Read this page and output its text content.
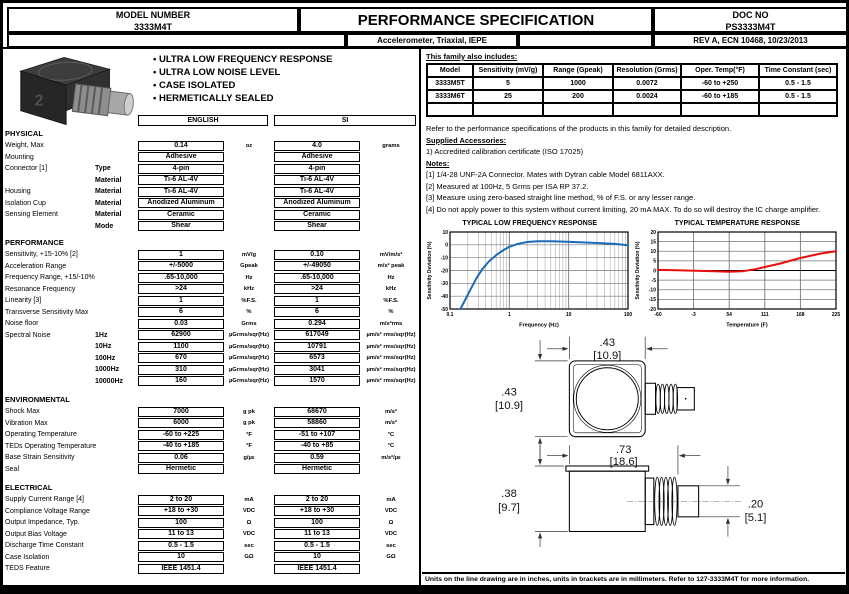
MODEL NUMBER
3333M4T	PERFORMANCE SPECIFICATION	DOC NO
PS3333M4T
Accelerometer, Triaxial, IEPE	REV A, ECN 10468, 10/23/2013
2
• ULTRA LOW FREQUENCY RESPONSE
• ULTRA LOW NOISE LEVEL
• CASE ISOLATED
• HERMETICALLY SEALED
ENGLISH	SI
PHYSICAL
Weight, Max	0.14	oz	4.0	grams
Mounting	Adhesive	Adhesive
Connector [1]	Type	4-pin	4-pin
Material	Ti-6 AL-4V	Ti-6 AL-4V
Housing	Material	Ti-6 AL-4V	Ti-6 AL-4V
Isolation Cup	Material	Anodized Aluminum	Anodized Aluminum
Sensing Element	Material	Ceramic	Ceramic
Mode	Shear	Shear
PERFORMANCE
Sensitivity, +15-10% [2]	1	mV/g	0.10	mV/m/s²
Acceleration Range	+/-5000	Gpeak	+/-49050	m/s² peak
Frequency Range, +15/-10%	.65-10,000	Hz	.65-10,000	Hz
Resonance Frequency	>24	kHz	>24	kHz
Linearity [3]	1	%F.S.	1	%F.S.
Transverse Sensitivity Max	6	%	6	%
Noise floor	0.03	Grms	0.294	m/s²rms
Spectral Noise	1Hz	62900	µGrms/sqr(Hz)	617049	µm/s² rms/sqr(Hz)
10Hz	1100	µGrms/sqr(Hz)	10791	µm/s² rms/sqr(Hz)
100Hz	670	µGrms/sqr(Hz)	6573	µm/s² rms/sqr(Hz)
1000Hz	310	µGrms/sqr(Hz)	3041	µm/s² rms/sqr(Hz)
10000Hz	160	µGrms/sqr(Hz)	1570	µm/s² rms/sqr(Hz)
ENVIRONMENTAL
Shock Max	7000	g pk	68670	m/s²
Vibration Max	6000	g pk	58860	m/s²
Operating Temperature	-60 to +225	°F	-51 to +107	°C
TEDs Operating Temperature	-40 to +185	°F	-40 to +85	°C
Base Strain Sensitivity	0.06	g/µε	0.59	m/s²/µε
Seal	Hermetic	Hermetic
ELECTRICAL
Supply Current Range [4]	2 to 20	mA	2 to 20	mA
Compliance Voltage Range	+18 to +30	VDC	+18 to +30	VDC
Output Impedance, Typ.	100	Ω	100	Ω
Output Bias Voltage	11 to 13	VDC	11 to 13	VDC
Discharge Time Constant	0.5 - 1.5	sec	0.5 - 1.5	sec
Case Isolation	10	GΩ	10	GΩ
TEDS Feature	IEEE 1451.4	IEEE 1451.4
This family also includes:
Model	Sensitivity (mV/g)	Range (Gpeak)	Resolution (Grms)	Oper. Temp(°F)	Time Constant (sec)
3333M5T	5	1000	0.0072	-60 to +250	0.5 - 1.5
3333M6T	25	200	0.0024	-60 to +185	0.5 - 1.5

Refer to the performance specifications of the products in this family for detailed description.
Supplied Accessories:
1) Accredited calibration certificate (ISO 17025)
Notes:
[1] 1/4-28 UNF-2A Connector. Mates with Dytran cable Model 6811AXX.
[2] Measured at 100Hz, 5 Grms per ISA RP 37.2.
[3] Measure using zero-based straight line method, % of F.S. or any lesser range.
[4] Do not apply power to this system without current limiting, 20 mA MAX. To do so will destroy the IC charge amplifier.
TYPICAL LOW FREQUENCY RESPONSE
10
0
-10
-20
-30
-40
-50
0.1	1	10	100
Frequency (Hz)
Sensitivity Deviation (%)
TYPICAL TEMPERATURE RESPONSE
20
15
10
5
0
-5
-10
-15
-20
-60	-3	54	111	168	225
Temperature (F)
Sensitivity Deviation (%)
.43
[10.9]
.43
[10.9]
.73
[18.6]
.38
[9.7]	.20
[5.1]
Units on the line drawing are in inches, units in brackets are in millimeters. Refer to 127-3333M4T for more information.
